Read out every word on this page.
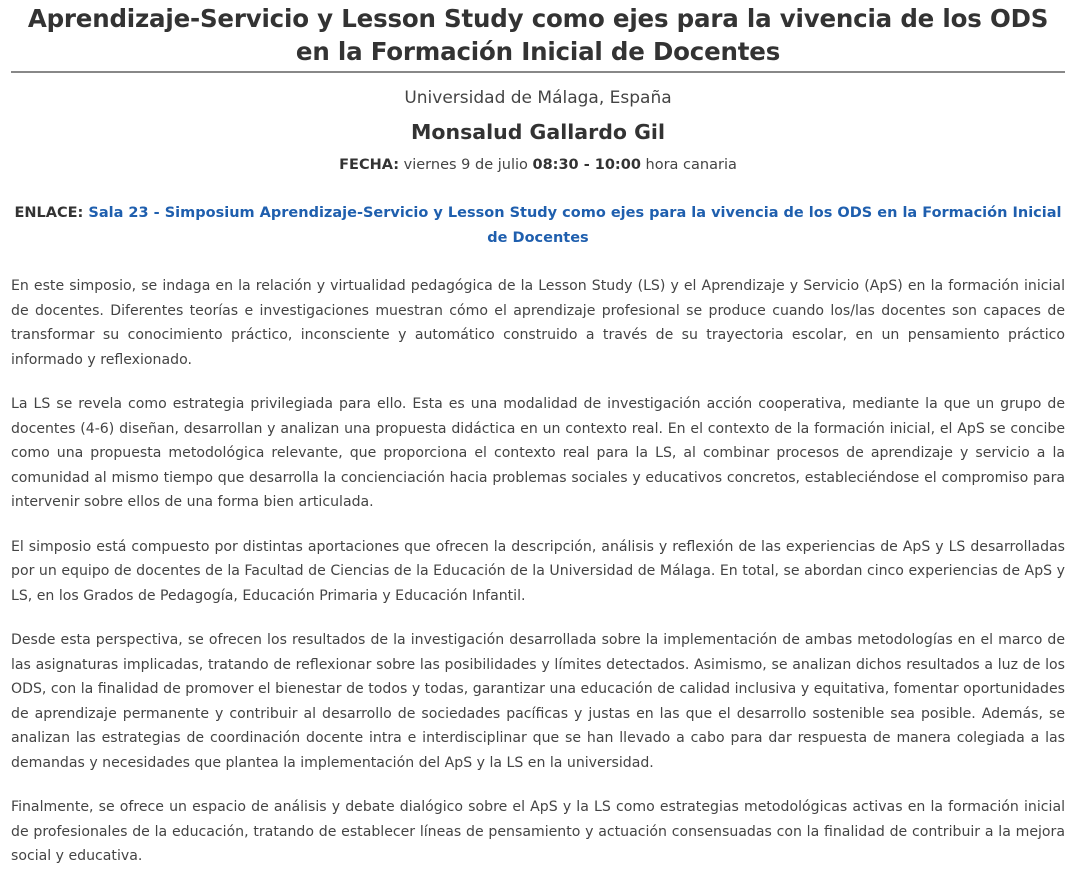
Aprendizaje-Servicio y Lesson Study como ejes para la vivencia de los ODS en la Formación Inicial de Docentes
Universidad de Málaga, España
Monsalud Gallardo Gil
FECHA: viernes 9 de julio 08:30 - 10:00 hora canaria
ENLACE: Sala 23 - Simposium Aprendizaje-Servicio y Lesson Study como ejes para la vivencia de los ODS en la Formación Inicial de Docentes

En este simposio, se indaga en la relación y virtualidad pedagógica de la Lesson Study (LS) y el Aprendizaje y Servicio (ApS) en la formación inicial de docentes. Diferentes teorías e investigaciones muestran cómo el aprendizaje profesional se produce cuando los/las docentes son capaces de transformar su conocimiento práctico, inconsciente y automático construido a través de su trayectoria escolar, en un pensamiento práctico informado y reflexionado.

La LS se revela como estrategia privilegiada para ello. Esta es una modalidad de investigación acción cooperativa, mediante la que un grupo de docentes (4-6) diseñan, desarrollan y analizan una propuesta didáctica en un contexto real. En el contexto de la formación inicial, el ApS se concibe como una propuesta metodológica relevante, que proporciona el contexto real para la LS, al combinar procesos de aprendizaje y servicio a la comunidad al mismo tiempo que desarrolla la concienciación hacia problemas sociales y educativos concretos, estableciéndose el compromiso para intervenir sobre ellos de una forma bien articulada.

El simposio está compuesto por distintas aportaciones que ofrecen la descripción, análisis y reflexión de las experiencias de ApS y LS desarrolladas por un equipo de docentes de la Facultad de Ciencias de la Educación de la Universidad de Málaga. En total, se abordan cinco experiencias de ApS y LS, en los Grados de Pedagogía, Educación Primaria y Educación Infantil.

Desde esta perspectiva, se ofrecen los resultados de la investigación desarrollada sobre la implementación de ambas metodologías en el marco de las asignaturas implicadas, tratando de reflexionar sobre las posibilidades y límites detectados. Asimismo, se analizan dichos resultados a luz de los ODS, con la finalidad de promover el bienestar de todos y todas, garantizar una educación de calidad inclusiva y equitativa, fomentar oportunidades de aprendizaje permanente y contribuir al desarrollo de sociedades pacíficas y justas en las que el desarrollo sostenible sea posible. Además, se analizan las estrategias de coordinación docente intra e interdisciplinar que se han llevado a cabo para dar respuesta de manera colegiada a las demandas y necesidades que plantea la implementación del ApS y la LS en la universidad.

Finalmente, se ofrece un espacio de análisis y debate dialógico sobre el ApS y la LS como estrategias metodológicas activas en la formación inicial de profesionales de la educación, tratando de establecer líneas de pensamiento y actuación consensuadas con la finalidad de contribuir a la mejora social y educativa.
